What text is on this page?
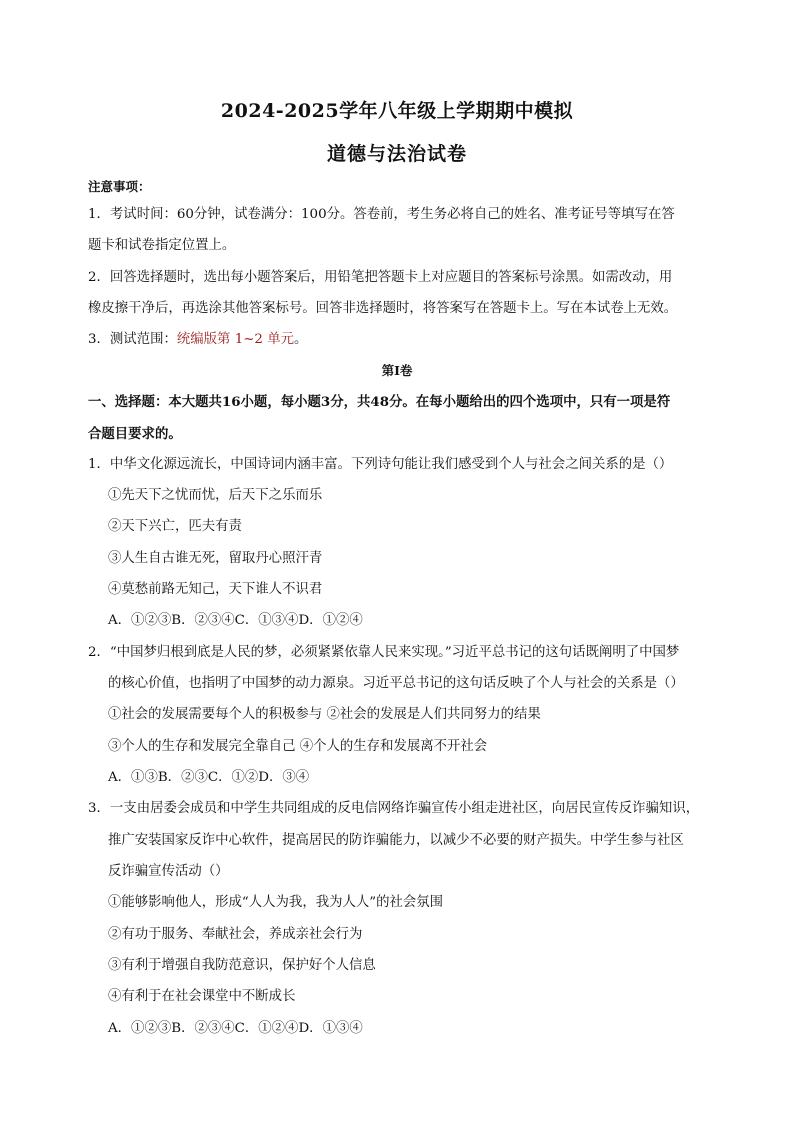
2024-2025学年八年级上学期期中模拟
道德与法治试卷
注意事项：
1．考试时间：60分钟，试卷满分：100分。答卷前，考生务必将自己的姓名、准考证号等填写在答
题卡和试卷指定位置上。
2．回答选择题时，选出每小题答案后，用铅笔把答题卡上对应题目的答案标号涂黑。如需改动，用
橡皮擦干净后，再选涂其他答案标号。回答非选择题时，将答案写在答题卡上。写在本试卷上无效。
3．测试范围：统编版第 1~2 单元。
第Ⅰ卷
一、选择题：本大题共16小题，每小题3分，共48分。在每小题给出的四个选项中，只有一项是符
合题目要求的。
1．中华文化源远流长，中国诗词内涵丰富。下列诗句能让我们感受到个人与社会之间关系的是（）
①先天下之忧而忧，后天下之乐而乐
②天下兴亡，匹夫有责
③人生自古谁无死，留取丹心照汗青
④莫愁前路无知己，天下谁人不识君
A．①②③B．②③④C．①③④D．①②④
2．“中国梦归根到底是人民的梦，必须紧紧依靠人民来实现。”习近平总书记的这句话既阐明了中国梦
的核心价值，也指明了中国梦的动力源泉。习近平总书记的这句话反映了个人与社会的关系是（）
①社会的发展需要每个人的积极参与 ②社会的发展是人们共同努力的结果
③个人的生存和发展完全靠自己 ④个人的生存和发展离不开社会
A．①③B．②③C．①②D．③④
3．一支由居委会成员和中学生共同组成的反电信网络诈骗宣传小组走进社区，向居民宣传反诈骗知识，
推广安装国家反诈中心软件，提高居民的防诈骗能力，以减少不必要的财产损失。中学生参与社区
反诈骗宣传活动（）
①能够影响他人，形成“人人为我，我为人人”的社会氛围
②有功于服务、奉献社会，养成亲社会行为
③有利于增强自我防范意识，保护好个人信息
④有利于在社会课堂中不断成长
A．①②③B．②③④C．①②④D．①③④
